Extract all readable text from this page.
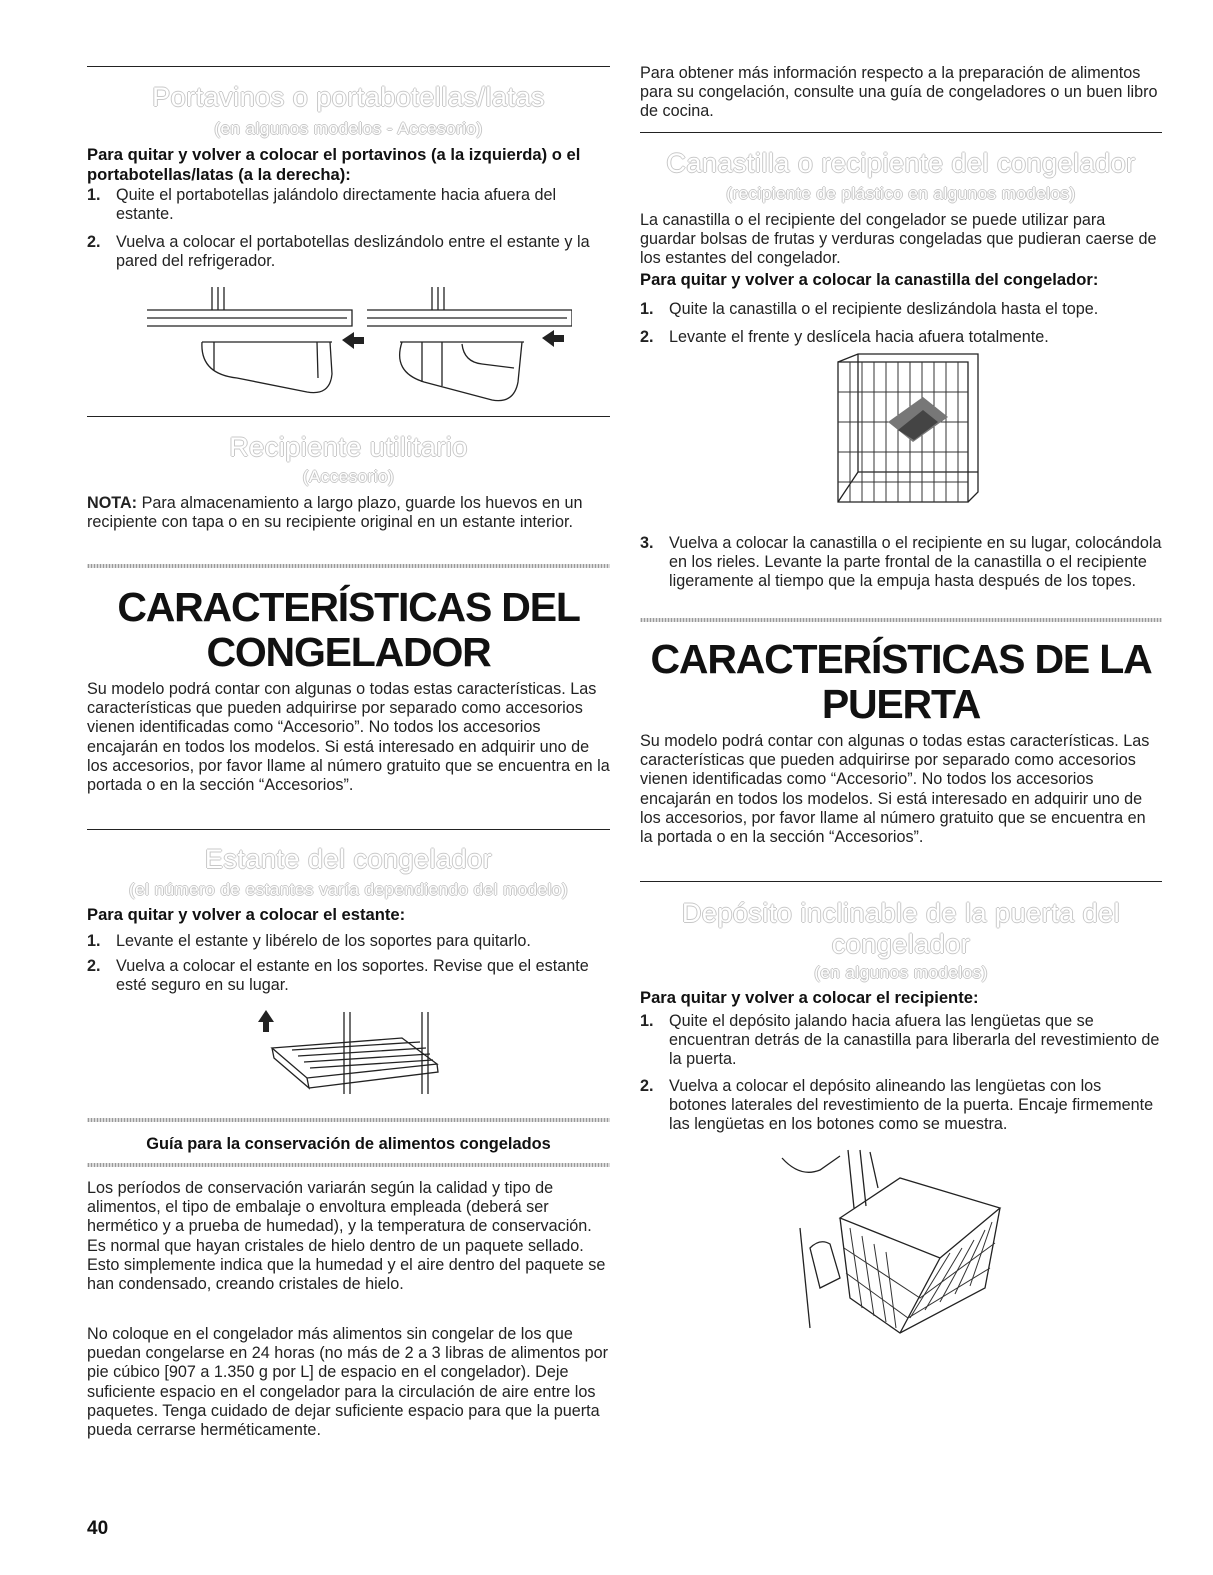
Portavinos o portabotellas/latas
(en algunos modelos - Accesorio)
Para quitar y volver a colocar el portavinos (a la izquierda) o el portabotellas/latas (a la derecha):
1. Quite el portabotellas jalándolo directamente hacia afuera del estante.
2. Vuelva a colocar el portabotellas deslizándolo entre el estante y la pared del refrigerador.
Recipiente utilitario
(Accesorio)
NOTA: Para almacenamiento a largo plazo, guarde los huevos en un recipiente con tapa o en su recipiente original en un estante interior.
CARACTERÍSTICAS DEL CONGELADOR
Su modelo podrá contar con algunas o todas estas características. Las características que pueden adquirirse por separado como accesorios vienen identificadas como “Accesorio”. No todos los accesorios encajarán en todos los modelos. Si está interesado en adquirir uno de los accesorios, por favor llame al número gratuito que se encuentra en la portada o en la sección “Accesorios”.
Estante del congelador
(el número de estantes varía dependiendo del modelo)
Para quitar y volver a colocar el estante:
1. Levante el estante y libérelo de los soportes para quitarlo.
2. Vuelva a colocar el estante en los soportes. Revise que el estante esté seguro en su lugar.
Guía para la conservación de alimentos congelados
Los períodos de conservación variarán según la calidad y tipo de alimentos, el tipo de embalaje o envoltura empleada (deberá ser hermético y a prueba de humedad), y la temperatura de conservación. Es normal que hayan cristales de hielo dentro de un paquete sellado. Esto simplemente indica que la humedad y el aire dentro del paquete se han condensado, creando cristales de hielo.
No coloque en el congelador más alimentos sin congelar de los que puedan congelarse en 24 horas (no más de 2 a 3 libras de alimentos por pie cúbico [907 a 1.350 g por L] de espacio en el congelador). Deje suficiente espacio en el congelador para la circulación de aire entre los paquetes. Tenga cuidado de dejar suficiente espacio para que la puerta pueda cerrarse herméticamente.
Para obtener más información respecto a la preparación de alimentos para su congelación, consulte una guía de congeladores o un buen libro de cocina.
Canastilla o recipiente del congelador
(recipiente de plástico en algunos modelos)
La canastilla o el recipiente del congelador se puede utilizar para guardar bolsas de frutas y verduras congeladas que pudieran caerse de los estantes del congelador.
Para quitar y volver a colocar la canastilla del congelador:
1. Quite la canastilla o el recipiente deslizándola hasta el tope.
2. Levante el frente y deslícela hacia afuera totalmente.
3. Vuelva a colocar la canastilla o el recipiente en su lugar, colocándola en los rieles. Levante la parte frontal de la canastilla o el recipiente ligeramente al tiempo que la empuja hasta después de los topes.
CARACTERÍSTICAS DE LA PUERTA
Su modelo podrá contar con algunas o todas estas características. Las características que pueden adquirirse por separado como accesorios vienen identificadas como “Accesorio”. No todos los accesorios encajarán en todos los modelos. Si está interesado en adquirir uno de los accesorios, por favor llame al número gratuito que se encuentra en la portada o en la sección “Accesorios”.
Depósito inclinable de la puerta del congelador
(en algunos modelos)
Para quitar y volver a colocar el recipiente:
1. Quite el depósito jalando hacia afuera las lengüetas que se encuentran detrás de la canastilla para liberarla del revestimiento de la puerta.
2. Vuelva a colocar el depósito alineando las lengüetas con los botones laterales del revestimiento de la puerta. Encaje firmemente las lengüetas en los botones como se muestra.
40
